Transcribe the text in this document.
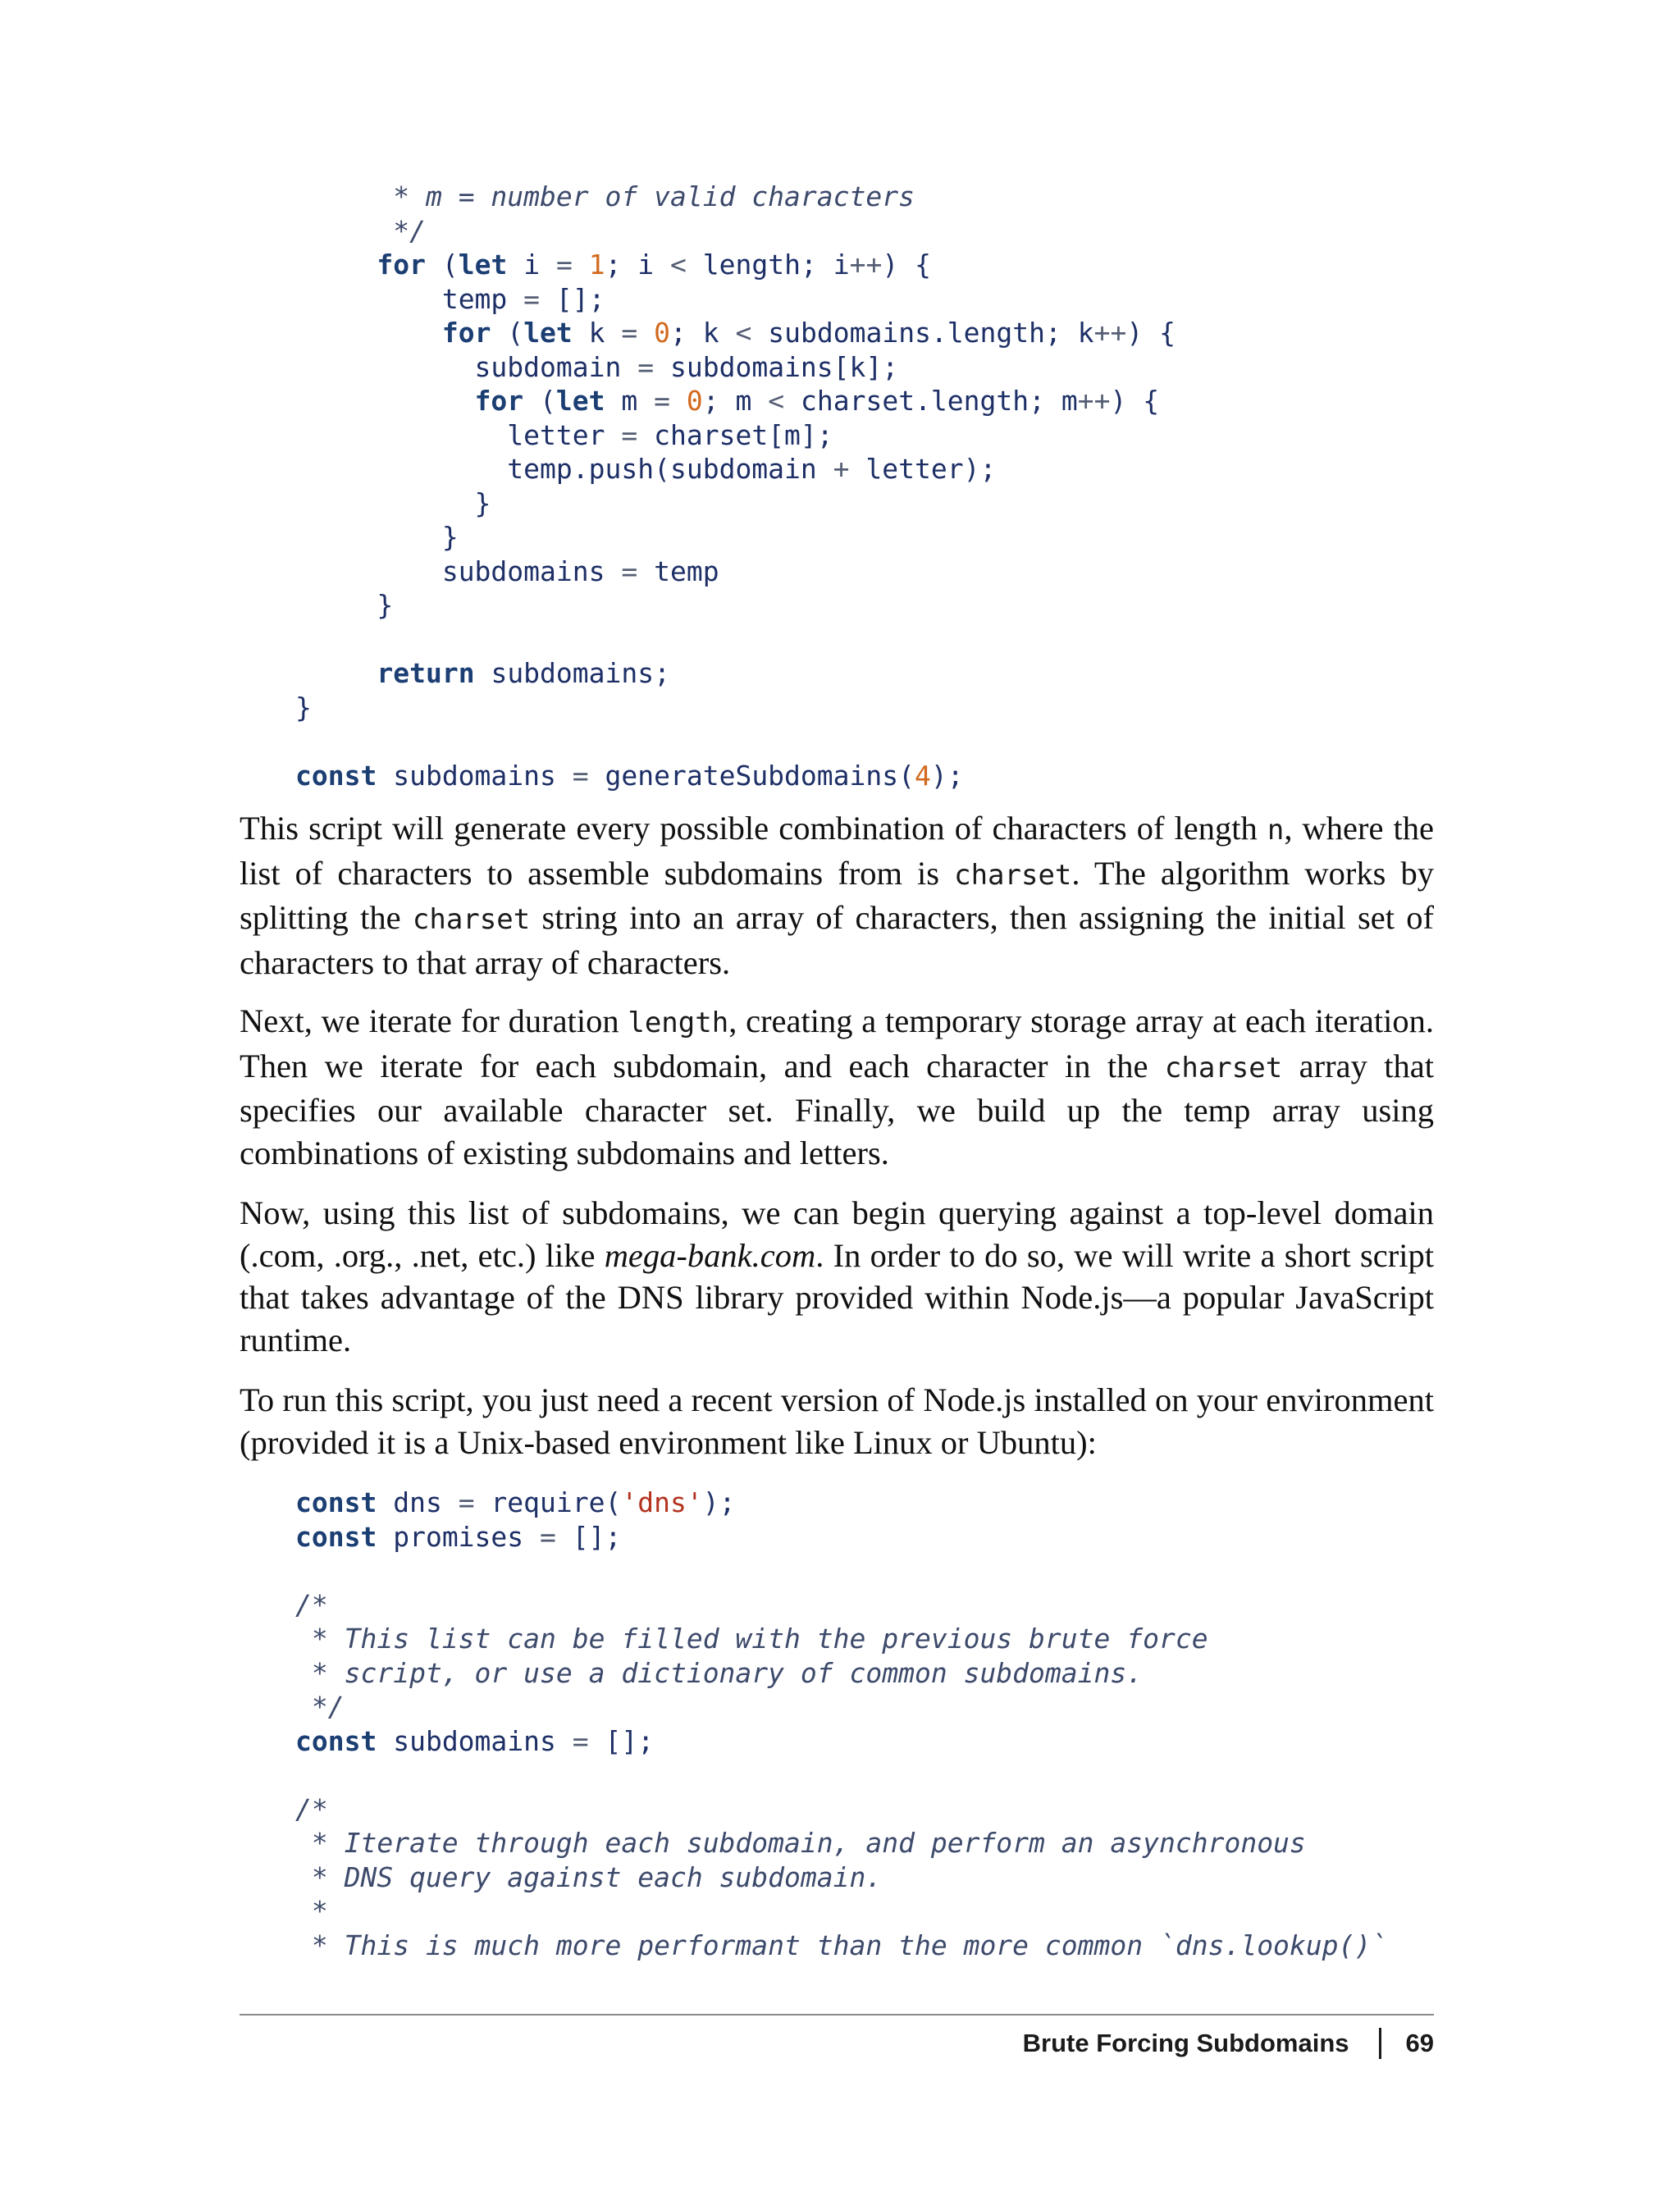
* m = number of valid characters
*/
for (let i = 1; i < length; i++) {
temp = [];
for (let k = 0; k < subdomains.length; k++) {
subdomain = subdomains[k];
for (let m = 0; m < charset.length; m++) {
letter = charset[m];
temp.push(subdomain + letter);
}
}
subdomains = temp
}

return subdomains;
}

const subdomains = generateSubdomains(4);

This script will generate every possible combination of characters of length n, where the list of characters to assemble subdomains from is charset. The algorithm works by splitting the charset string into an array of characters, then assigning the initial set of characters to that array of characters.

Next, we iterate for duration length, creating a temporary storage array at each iteration. Then we iterate for each subdomain, and each character in the charset array that specifies our available character set. Finally, we build up the temp array using combinations of existing subdomains and letters.

Now, using this list of subdomains, we can begin querying against a top-level domain (.com, .org., .net, etc.) like mega-bank.com. In order to do so, we will write a short script that takes advantage of the DNS library provided within Node.js—a popular JavaScript runtime.

To run this script, you just need a recent version of Node.js installed on your environment (provided it is a Unix-based environment like Linux or Ubuntu):

const dns = require('dns');
const promises = [];

/*
* This list can be filled with the previous brute force
* script, or use a dictionary of common subdomains.
*/
const subdomains = [];

/*
* Iterate through each subdomain, and perform an asynchronous
* DNS query against each subdomain.
*
* This is much more performant than the more common `dns.lookup()`
Brute Forcing Subdomains 69
